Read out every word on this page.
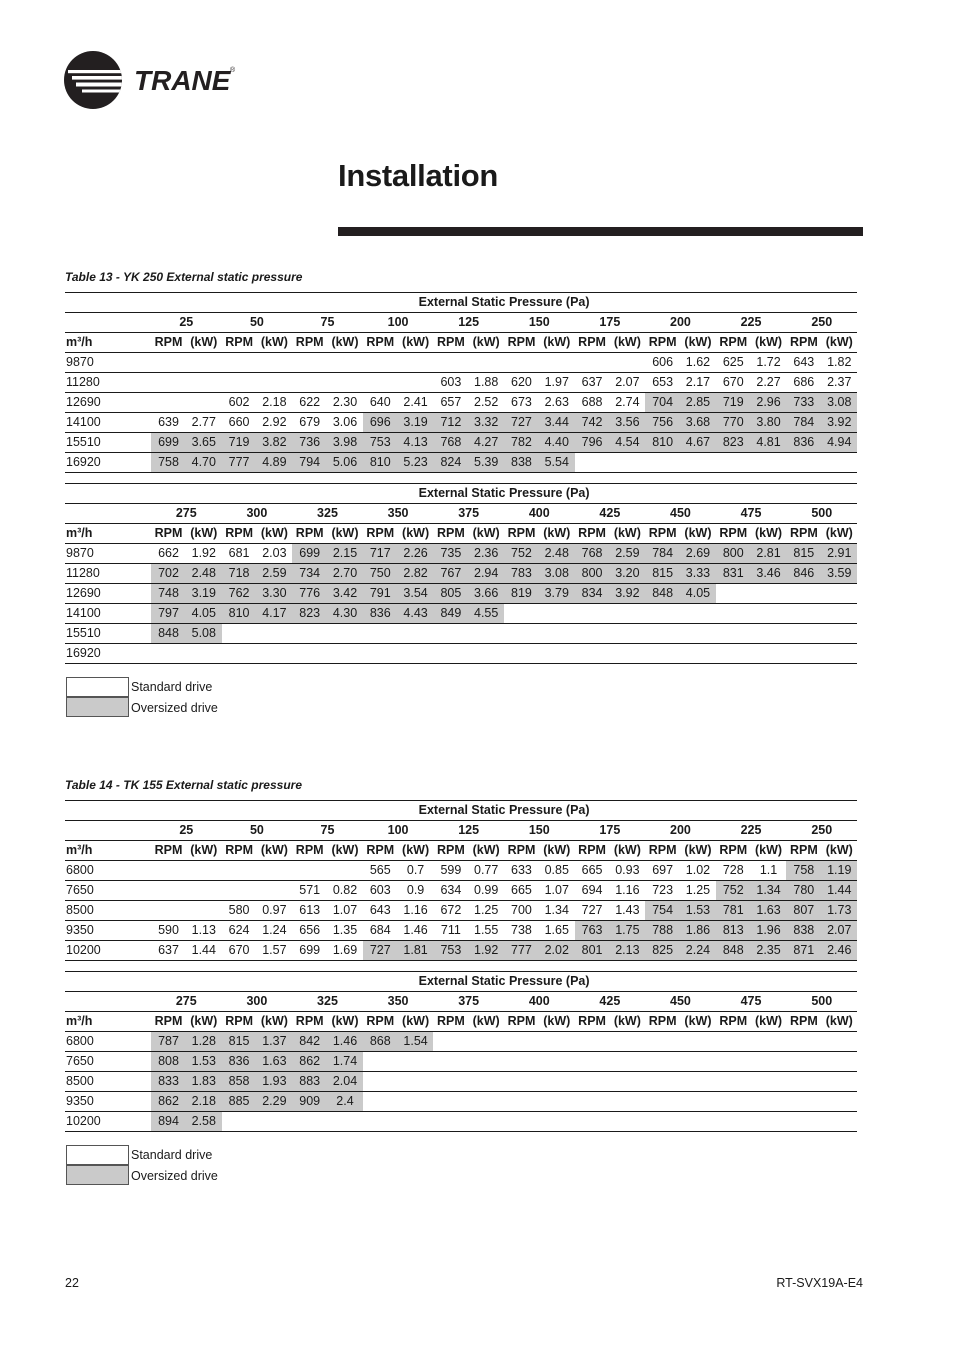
TRANE ®
Installation

Table 13 - YK 250 External static pressure

	External Static Pressure (Pa)																			
	25		50		75		100		125		150		175		200		225		250	
m³/h	RPM	(kW)	RPM	(kW)	RPM	(kW)	RPM	(kW)	RPM	(kW)	RPM	(kW)	RPM	(kW)	RPM	(kW)	RPM	(kW)	RPM	(kW)
9870															606	1.62	625	1.72	643	1.82
11280									603	1.88	620	1.97	637	2.07	653	2.17	670	2.27	686	2.37
12690			602	2.18	622	2.30	640	2.41	657	2.52	673	2.63	688	2.74	704	2.85	719	2.96	733	3.08
14100	639	2.77	660	2.92	679	3.06	696	3.19	712	3.32	727	3.44	742	3.56	756	3.68	770	3.80	784	3.92
15510	699	3.65	719	3.82	736	3.98	753	4.13	768	4.27	782	4.40	796	4.54	810	4.67	823	4.81	836	4.94
16920	758	4.70	777	4.89	794	5.06	810	5.23	824	5.39	838	5.54								
	External Static Pressure (Pa)																			
	275		300		325		350		375		400		425		450		475		500	
m³/h	RPM	(kW)	RPM	(kW)	RPM	(kW)	RPM	(kW)	RPM	(kW)	RPM	(kW)	RPM	(kW)	RPM	(kW)	RPM	(kW)	RPM	(kW)
9870	662	1.92	681	2.03	699	2.15	717	2.26	735	2.36	752	2.48	768	2.59	784	2.69	800	2.81	815	2.91
11280	702	2.48	718	2.59	734	2.70	750	2.82	767	2.94	783	3.08	800	3.20	815	3.33	831	3.46	846	3.59
12690	748	3.19	762	3.30	776	3.42	791	3.54	805	3.66	819	3.79	834	3.92	848	4.05				
14100	797	4.05	810	4.17	823	4.30	836	4.43	849	4.55										
15510	848	5.08																		
16920																				
Standard drive
Oversized drive

Table 14 - TK 155 External static pressure

	External Static Pressure (Pa)																			
	25		50		75		100		125		150		175		200		225		250	
m³/h	RPM	(kW)	RPM	(kW)	RPM	(kW)	RPM	(kW)	RPM	(kW)	RPM	(kW)	RPM	(kW)	RPM	(kW)	RPM	(kW)	RPM	(kW)
6800							565	0.7	599	0.77	633	0.85	665	0.93	697	1.02	728	1.1	758	1.19
7650					571	0.82	603	0.9	634	0.99	665	1.07	694	1.16	723	1.25	752	1.34	780	1.44
8500			580	0.97	613	1.07	643	1.16	672	1.25	700	1.34	727	1.43	754	1.53	781	1.63	807	1.73
9350	590	1.13	624	1.24	656	1.35	684	1.46	711	1.55	738	1.65	763	1.75	788	1.86	813	1.96	838	2.07
10200	637	1.44	670	1.57	699	1.69	727	1.81	753	1.92	777	2.02	801	2.13	825	2.24	848	2.35	871	2.46
	External Static Pressure (Pa)																			
	275		300		325		350		375		400		425		450		475		500	
m³/h	RPM	(kW)	RPM	(kW)	RPM	(kW)	RPM	(kW)	RPM	(kW)	RPM	(kW)	RPM	(kW)	RPM	(kW)	RPM	(kW)	RPM	(kW)
6800	787	1.28	815	1.37	842	1.46	868	1.54												
7650	808	1.53	836	1.63	862	1.74														
8500	833	1.83	858	1.93	883	2.04														
9350	862	2.18	885	2.29	909	2.4														
10200	894	2.58																		
Standard drive
Oversized drive
22	RT-SVX19A-E4
